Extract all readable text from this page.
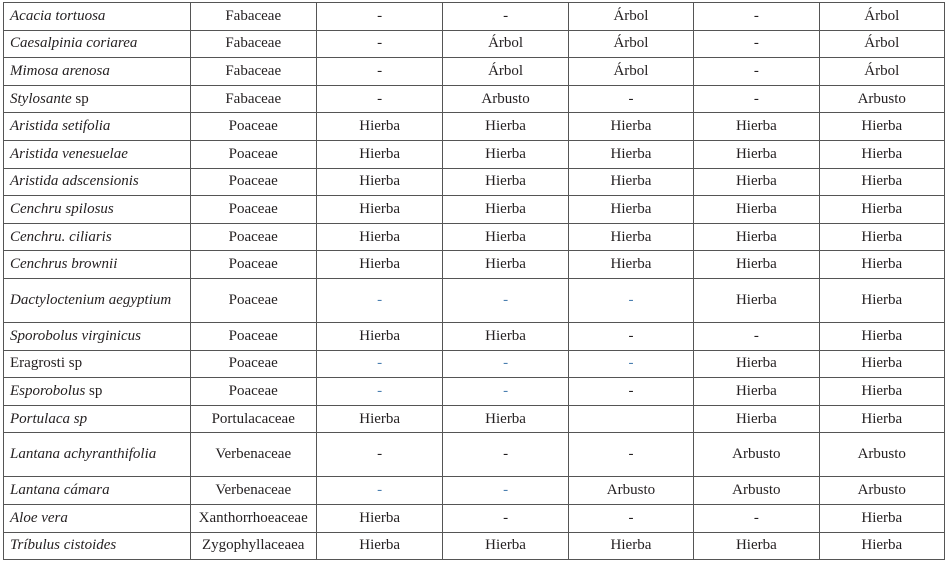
Acacia tortuosa	Fabaceae	-	-	Árbol	-	Árbol
Caesalpinia coriarea	Fabaceae	-	Árbol	Árbol	-	Árbol
Mimosa arenosa	Fabaceae	-	Árbol	Árbol	-	Árbol
Stylosante sp	Fabaceae	-	Arbusto	-	-	Arbusto
Aristida setifolia	Poaceae	Hierba	Hierba	Hierba	Hierba	Hierba
Aristida venesuelae	Poaceae	Hierba	Hierba	Hierba	Hierba	Hierba
Aristida adscensionis	Poaceae	Hierba	Hierba	Hierba	Hierba	Hierba
Cenchru spilosus	Poaceae	Hierba	Hierba	Hierba	Hierba	Hierba
Cenchru. ciliaris	Poaceae	Hierba	Hierba	Hierba	Hierba	Hierba
Cenchrus brownii	Poaceae	Hierba	Hierba	Hierba	Hierba	Hierba
Dactyloctenium aegyptium	Poaceae	-	-	-	Hierba	Hierba
Sporobolus virginicus	Poaceae	Hierba	Hierba	-	-	Hierba
Eragrosti sp	Poaceae	-	-	-	Hierba	Hierba
Esporobolus sp	Poaceae	-	-	-	Hierba	Hierba
Portulaca sp	Portulacaceae	Hierba	Hierba		Hierba	Hierba
Lantana achyranthifolia	Verbenaceae	-	-	-	Arbusto	Arbusto
Lantana cámara	Verbenaceae	-	-	Arbusto	Arbusto	Arbusto
Aloe vera	Xanthorrhoeaceae	Hierba	-	-	-	Hierba
Tríbulus cistoides	Zygophyllaceaea	Hierba	Hierba	Hierba	Hierba	Hierba
